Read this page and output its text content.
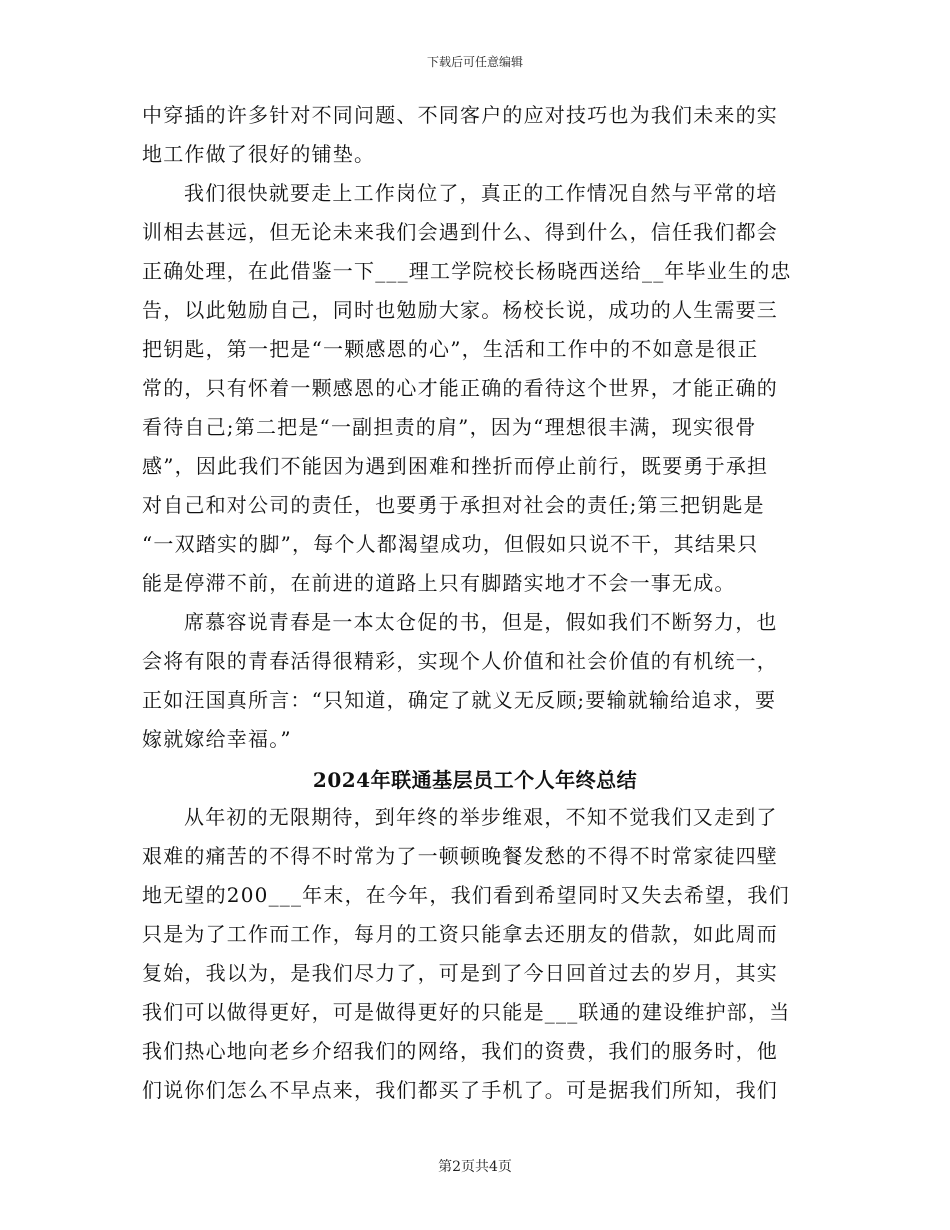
下载后可任意编辑

中穿插的许多针对不同问题、不同客户的应对技巧也为我们未来的实

地工作做了很好的铺垫。

我们很快就要走上工作岗位了，真正的工作情况自然与平常的培

训相去甚远，但无论未来我们会遇到什么、得到什么，信任我们都会

正确处理，在此借鉴一下___理工学院校长杨晓西送给__年毕业生的忠

告，以此勉励自己，同时也勉励大家。杨校长说，成功的人生需要三

把钥匙，第一把是“一颗感恩的心”，生活和工作中的不如意是很正

常的，只有怀着一颗感恩的心才能正确的看待这个世界，才能正确的

看待自己;第二把是“一副担责的肩”，因为“理想很丰满，现实很骨

感”，因此我们不能因为遇到困难和挫折而停止前行，既要勇于承担

对自己和对公司的责任，也要勇于承担对社会的责任;第三把钥匙是

“一双踏实的脚”，每个人都渴望成功，但假如只说不干，其结果只

能是停滞不前，在前进的道路上只有脚踏实地才不会一事无成。

席慕容说青春是一本太仓促的书，但是，假如我们不断努力，也

会将有限的青春活得很精彩，实现个人价值和社会价值的有机统一，

正如汪国真所言：“只知道，确定了就义无反顾;要输就输给追求，要

嫁就嫁给幸福。”

2024年联通基层员工个人年终总结

从年初的无限期待，到年终的举步维艰，不知不觉我们又走到了

艰难的痛苦的不得不时常为了一顿顿晚餐发愁的不得不时常家徒四壁

地无望的200___年末，在今年，我们看到希望同时又失去希望，我们

只是为了工作而工作，每月的工资只能拿去还朋友的借款，如此周而

复始，我以为，是我们尽力了，可是到了今日回首过去的岁月，其实

我们可以做得更好，可是做得更好的只能是___联通的建设维护部，当

我们热心地向老乡介绍我们的网络，我们的资费，我们的服务时，他

们说你们怎么不早点来，我们都买了手机了。可是据我们所知，我们

第2页共4页
